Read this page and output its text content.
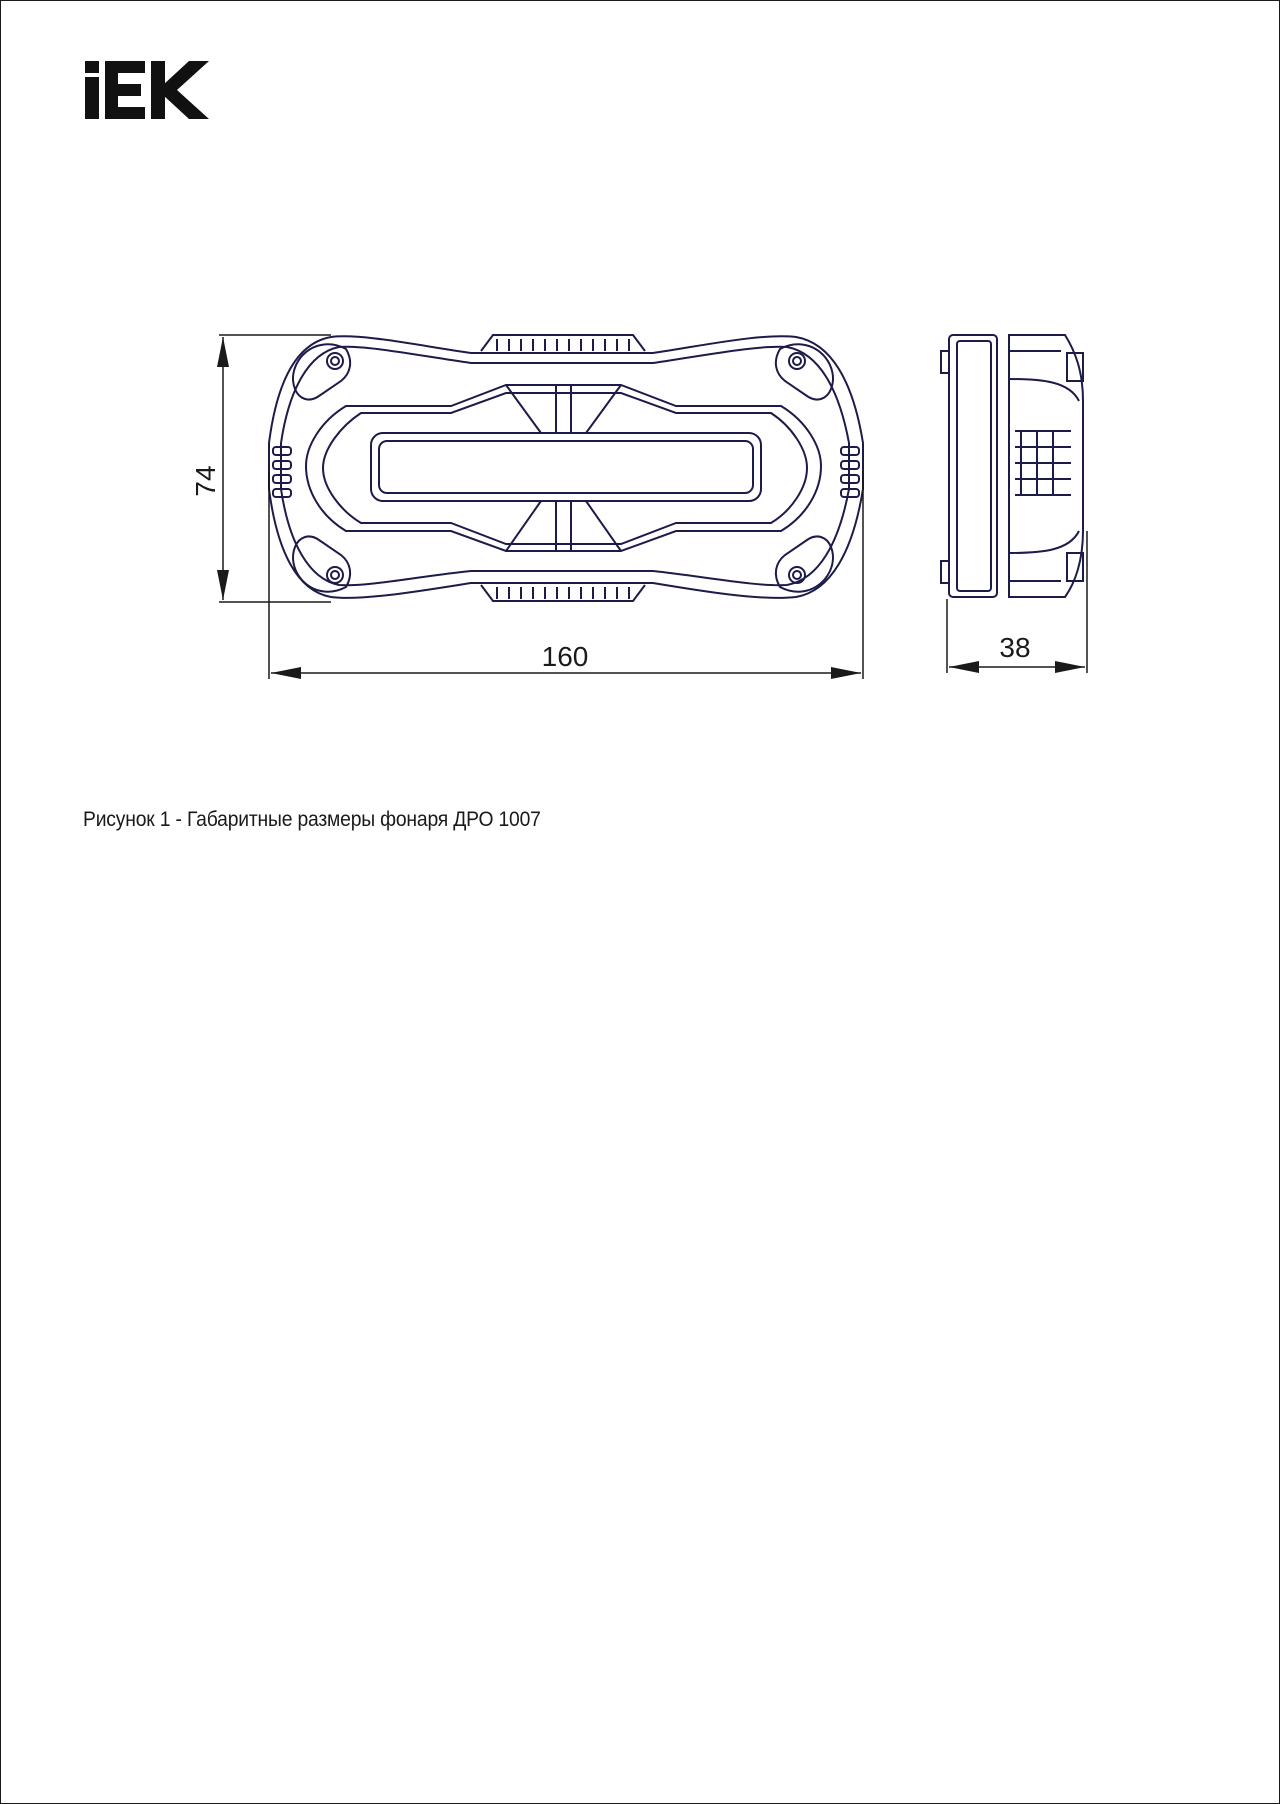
74
160	38
Рисунок 1 - Габаритные размеры фонаря ДРО 1007
